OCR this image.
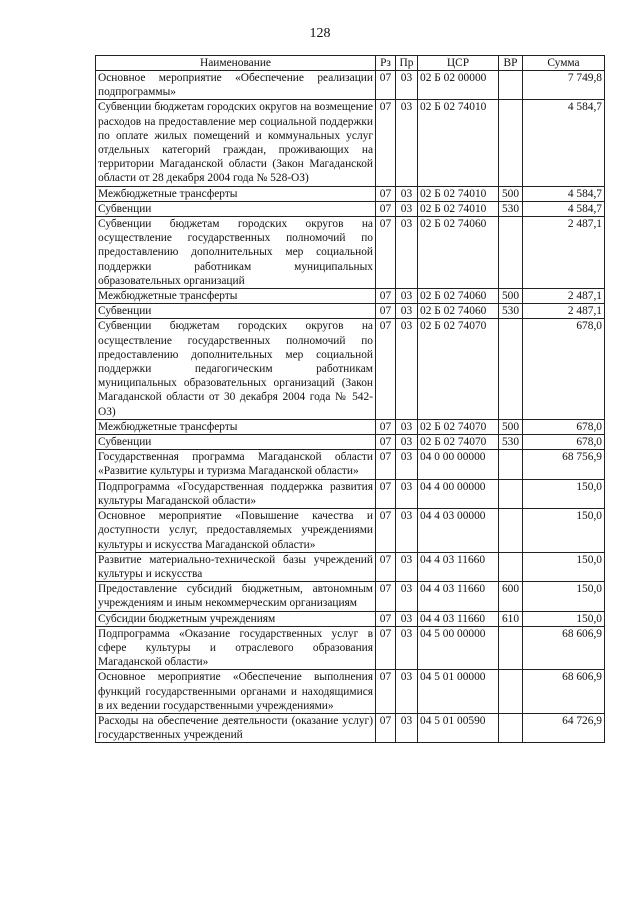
128
Наименование	Рз	Пр	ЦСР	ВР	Сумма
Основное мероприятие «Обеспечение реализации подпрограммы»	07	03	02 Б 02 00000		7 749,8
Субвенции бюджетам городских округов на возмещение расходов на предоставление мер социальной поддержки по оплате жилых помещений и коммунальных услуг отдельных категорий граждан, проживающих на территории Магаданской области (Закон Магаданской области от 28 декабря 2004 года № 528-ОЗ)	07	03	02 Б 02 74010		4 584,7
Межбюджетные трансферты	07	03	02 Б 02 74010	500	4 584,7
Субвенции	07	03	02 Б 02 74010	530	4 584,7
Субвенции бюджетам городских округов на осуществление государственных полномочий по предоставлению дополнительных мер социальной поддержки работникам муниципальных образовательных организаций	07	03	02 Б 02 74060		2 487,1
Межбюджетные трансферты	07	03	02 Б 02 74060	500	2 487,1
Субвенции	07	03	02 Б 02 74060	530	2 487,1
Субвенции бюджетам городских округов на осуществление государственных полномочий по предоставлению дополнительных мер социальной поддержки педагогическим работникам муниципальных образовательных организаций (Закон Магаданской области от 30 декабря 2004 года № 542-ОЗ)	07	03	02 Б 02 74070		678,0
Межбюджетные трансферты	07	03	02 Б 02 74070	500	678,0
Субвенции	07	03	02 Б 02 74070	530	678,0
Государственная программа Магаданской области «Развитие культуры и туризма Магаданской области»	07	03	04 0 00 00000		68 756,9
Подпрограмма «Государственная поддержка развития культуры Магаданской области»	07	03	04 4 00 00000		150,0
Основное мероприятие «Повышение качества и доступности услуг, предоставляемых учреждениями культуры и искусства Магаданской области»	07	03	04 4 03 00000		150,0
Развитие материально-технической базы учреждений культуры и искусства	07	03	04 4 03 11660		150,0
Предоставление субсидий бюджетным, автономным учреждениям и иным некоммерческим организациям	07	03	04 4 03 11660	600	150,0
Субсидии бюджетным учреждениям	07	03	04 4 03 11660	610	150,0
Подпрограмма «Оказание государственных услуг в сфере культуры и отраслевого образования Магаданской области»	07	03	04 5 00 00000		68 606,9
Основное мероприятие «Обеспечение выполнения функций государственными органами и находящимися в их ведении государственными учреждениями»	07	03	04 5 01 00000		68 606,9
Расходы на обеспечение деятельности (оказание услуг) государственных учреждений	07	03	04 5 01 00590		64 726,9
